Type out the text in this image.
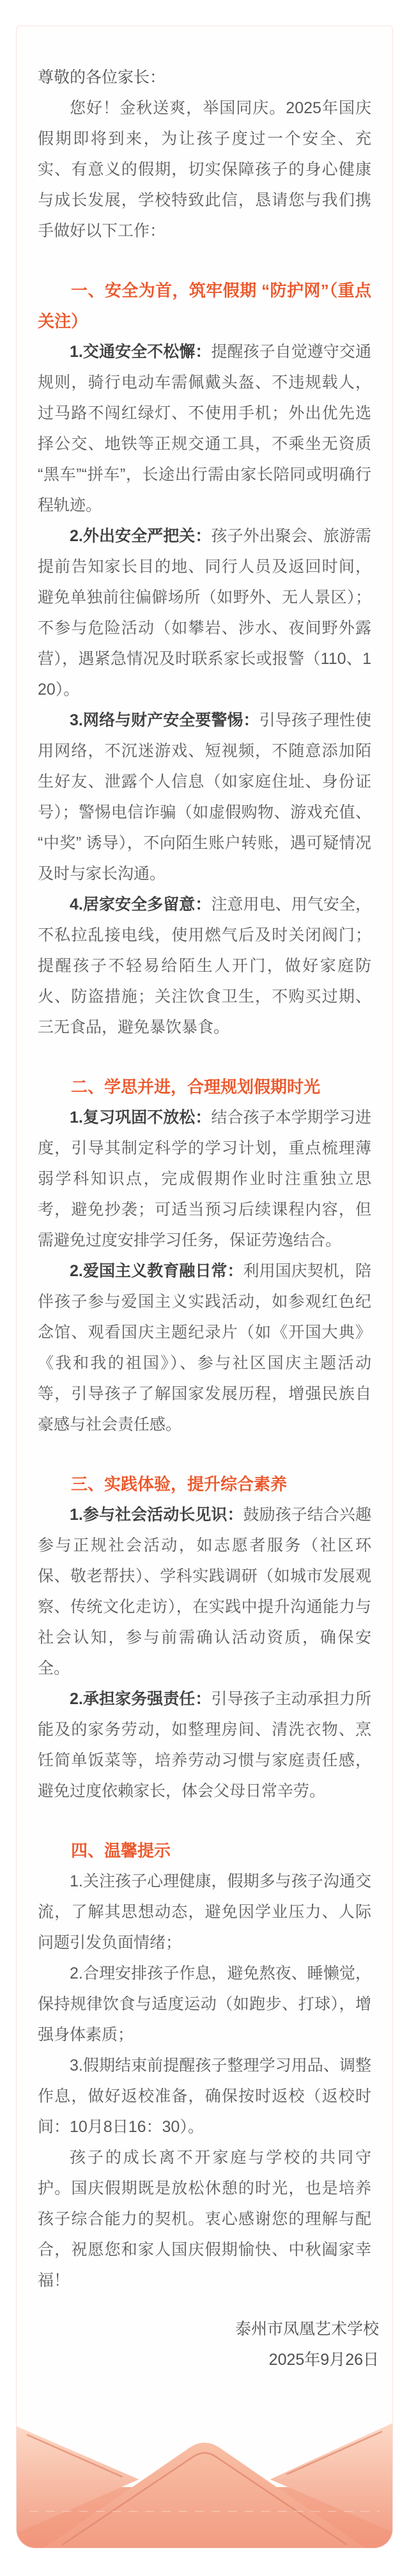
尊敬的各位家长：

您好！金秋送爽，举国同庆。2025年国庆假期即将到来，为让孩子度过一个安全、充实、有意义的假期，切实保障孩子的身心健康与成长发展，学校特致此信，恳请您与我们携手做好以下工作：

一、安全为首，筑牢假期 “防护网”（重点关注）

1.交通安全不松懈：提醒孩子自觉遵守交通规则，骑行电动车需佩戴头盔、不违规载人，过马路不闯红绿灯、不使用手机；外出优先选择公交、地铁等正规交通工具，不乘坐无资质“黑车”“拼车”，长途出行需由家长陪同或明确行程轨迹。

2.外出安全严把关：孩子外出聚会、旅游需提前告知家长目的地、同行人员及返回时间，避免单独前往偏僻场所（如野外、无人景区）；不参与危险活动（如攀岩、涉水、夜间野外露营），遇紧急情况及时联系家长或报警（110、120）。

3.网络与财产安全要警惕：引导孩子理性使用网络，不沉迷游戏、短视频，不随意添加陌生好友、泄露个人信息（如家庭住址、身份证号）；警惕电信诈骗（如虚假购物、游戏充值、“中奖” 诱导），不向陌生账户转账，遇可疑情况及时与家长沟通。

4.居家安全多留意：注意用电、用气安全，不私拉乱接电线，使用燃气后及时关闭阀门；提醒孩子不轻易给陌生人开门，做好家庭防火、防盗措施；关注饮食卫生，不购买过期、三无食品，避免暴饮暴食。

二、学思并进，合理规划假期时光

1.复习巩固不放松：结合孩子本学期学习进度，引导其制定科学的学习计划，重点梳理薄弱学科知识点，完成假期作业时注重独立思考，避免抄袭；可适当预习后续课程内容，但需避免过度安排学习任务，保证劳逸结合。

2.爱国主义教育融日常：利用国庆契机，陪伴孩子参与爱国主义实践活动，如参观红色纪念馆、观看国庆主题纪录片（如《开国大典》《我和我的祖国》）、参与社区国庆主题活动等，引导孩子了解国家发展历程，增强民族自豪感与社会责任感。

三、实践体验，提升综合素养

1.参与社会活动长见识：鼓励孩子结合兴趣参与正规社会活动，如志愿者服务（社区环保、敬老帮扶）、学科实践调研（如城市发展观察、传统文化走访），在实践中提升沟通能力与社会认知，参与前需确认活动资质，确保安全。

2.承担家务强责任：引导孩子主动承担力所能及的家务劳动，如整理房间、清洗衣物、烹饪简单饭菜等，培养劳动习惯与家庭责任感，避免过度依赖家长，体会父母日常辛劳。

四、温馨提示

1.关注孩子心理健康，假期多与孩子沟通交流，了解其思想动态，避免因学业压力、人际问题引发负面情绪；

2.合理安排孩子作息，避免熬夜、睡懒觉，保持规律饮食与适度运动（如跑步、打球），增强身体素质；

3.假期结束前提醒孩子整理学习用品、调整作息，做好返校准备，确保按时返校（返校时间：10月8日16：30）。

孩子的成长离不开家庭与学校的共同守护。国庆假期既是放松休憩的时光，也是培养孩子综合能力的契机。衷心感谢您的理解与配合，祝愿您和家人国庆假期愉快、中秋阖家幸福！

泰州市凤凰艺术学校

2025年9月26日
